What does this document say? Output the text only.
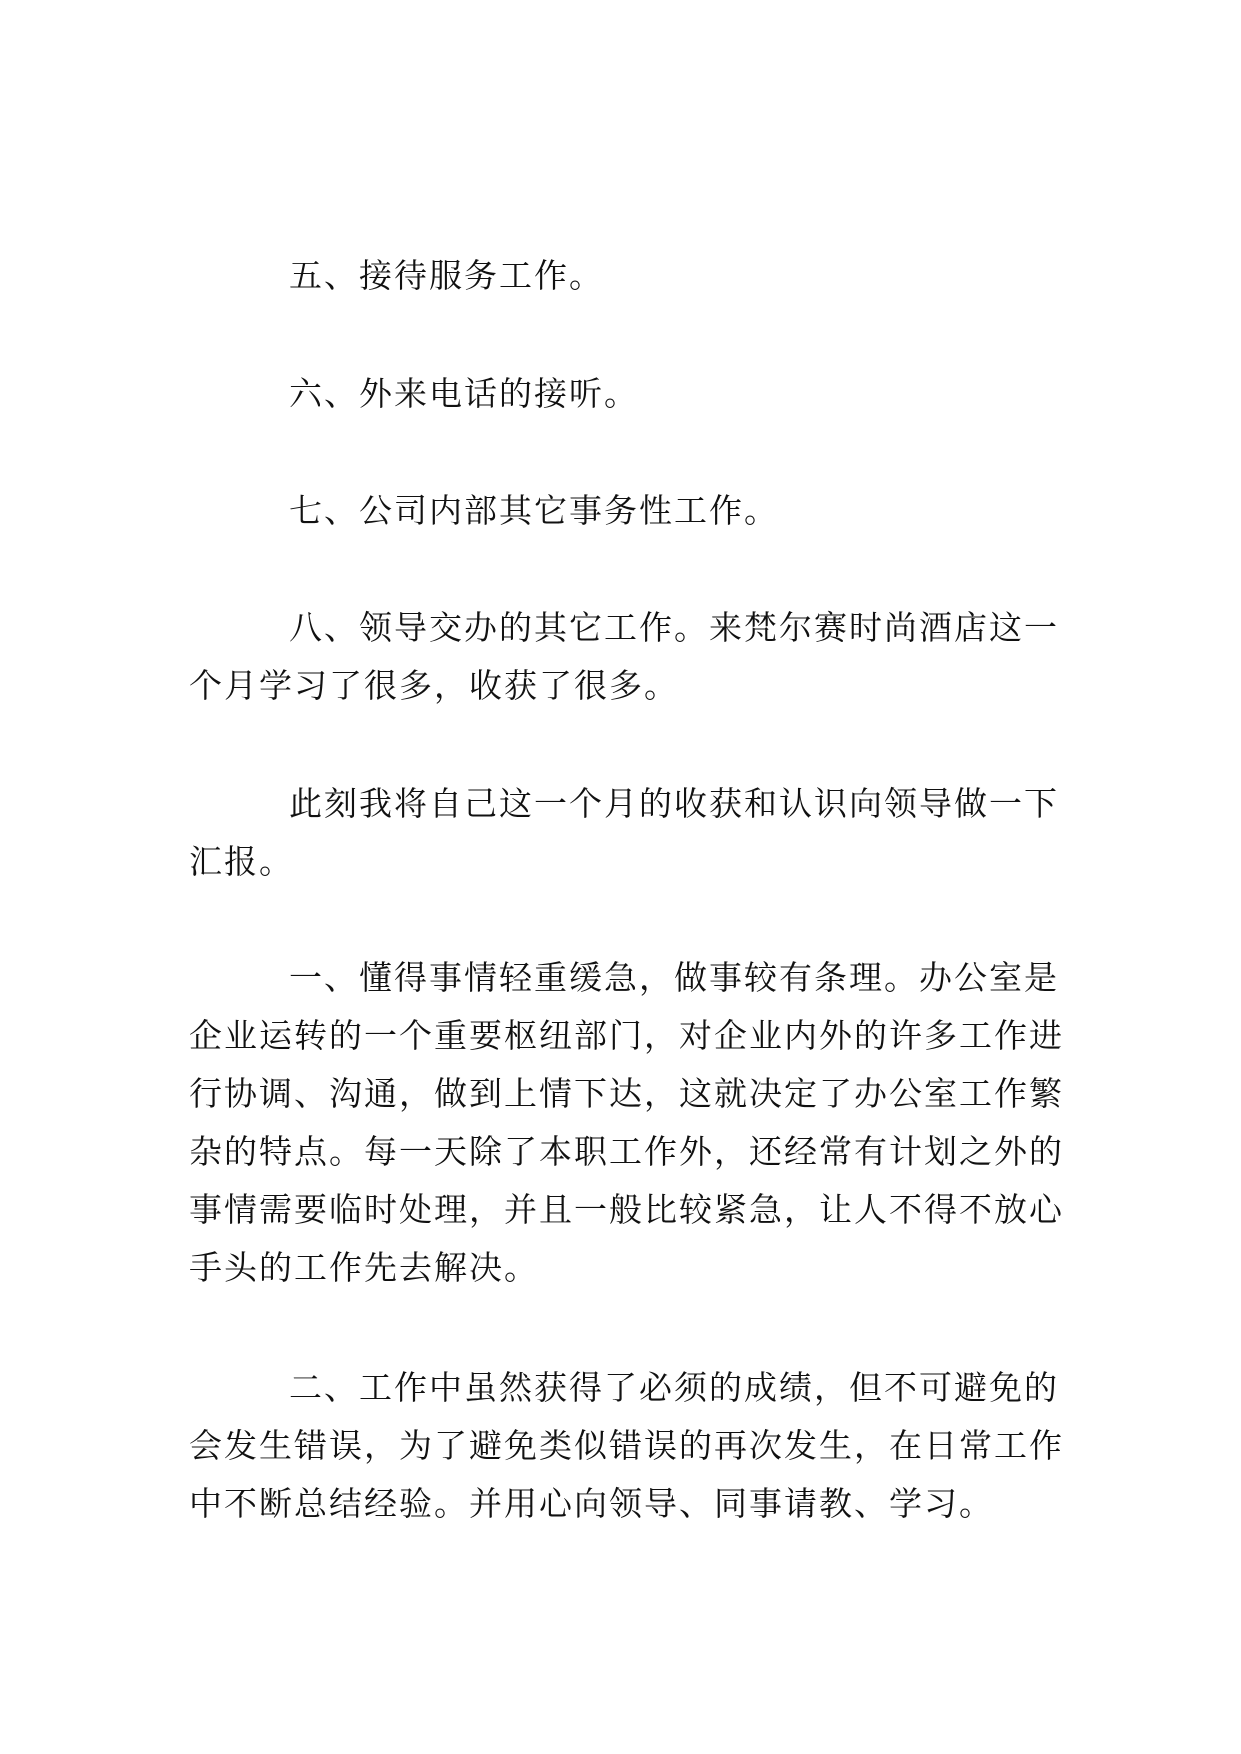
五、接待服务工作。

六、外来电话的接听。

七、公司内部其它事务性工作。

八、领导交办的其它工作。来梵尔赛时尚酒店这一个月学习了很多，收获了很多。

此刻我将自己这一个月的收获和认识向领导做一下汇报。

一、懂得事情轻重缓急，做事较有条理。办公室是企业运转的一个重要枢纽部门，对企业内外的许多工作进行协调、沟通，做到上情下达，这就决定了办公室工作繁杂的特点。每一天除了本职工作外，还经常有计划之外的事情需要临时处理，并且一般比较紧急，让人不得不放心手头的工作先去解决。

二、工作中虽然获得了必须的成绩，但不可避免的会发生错误，为了避免类似错误的再次发生，在日常工作中不断总结经验。并用心向领导、同事请教、学习。
